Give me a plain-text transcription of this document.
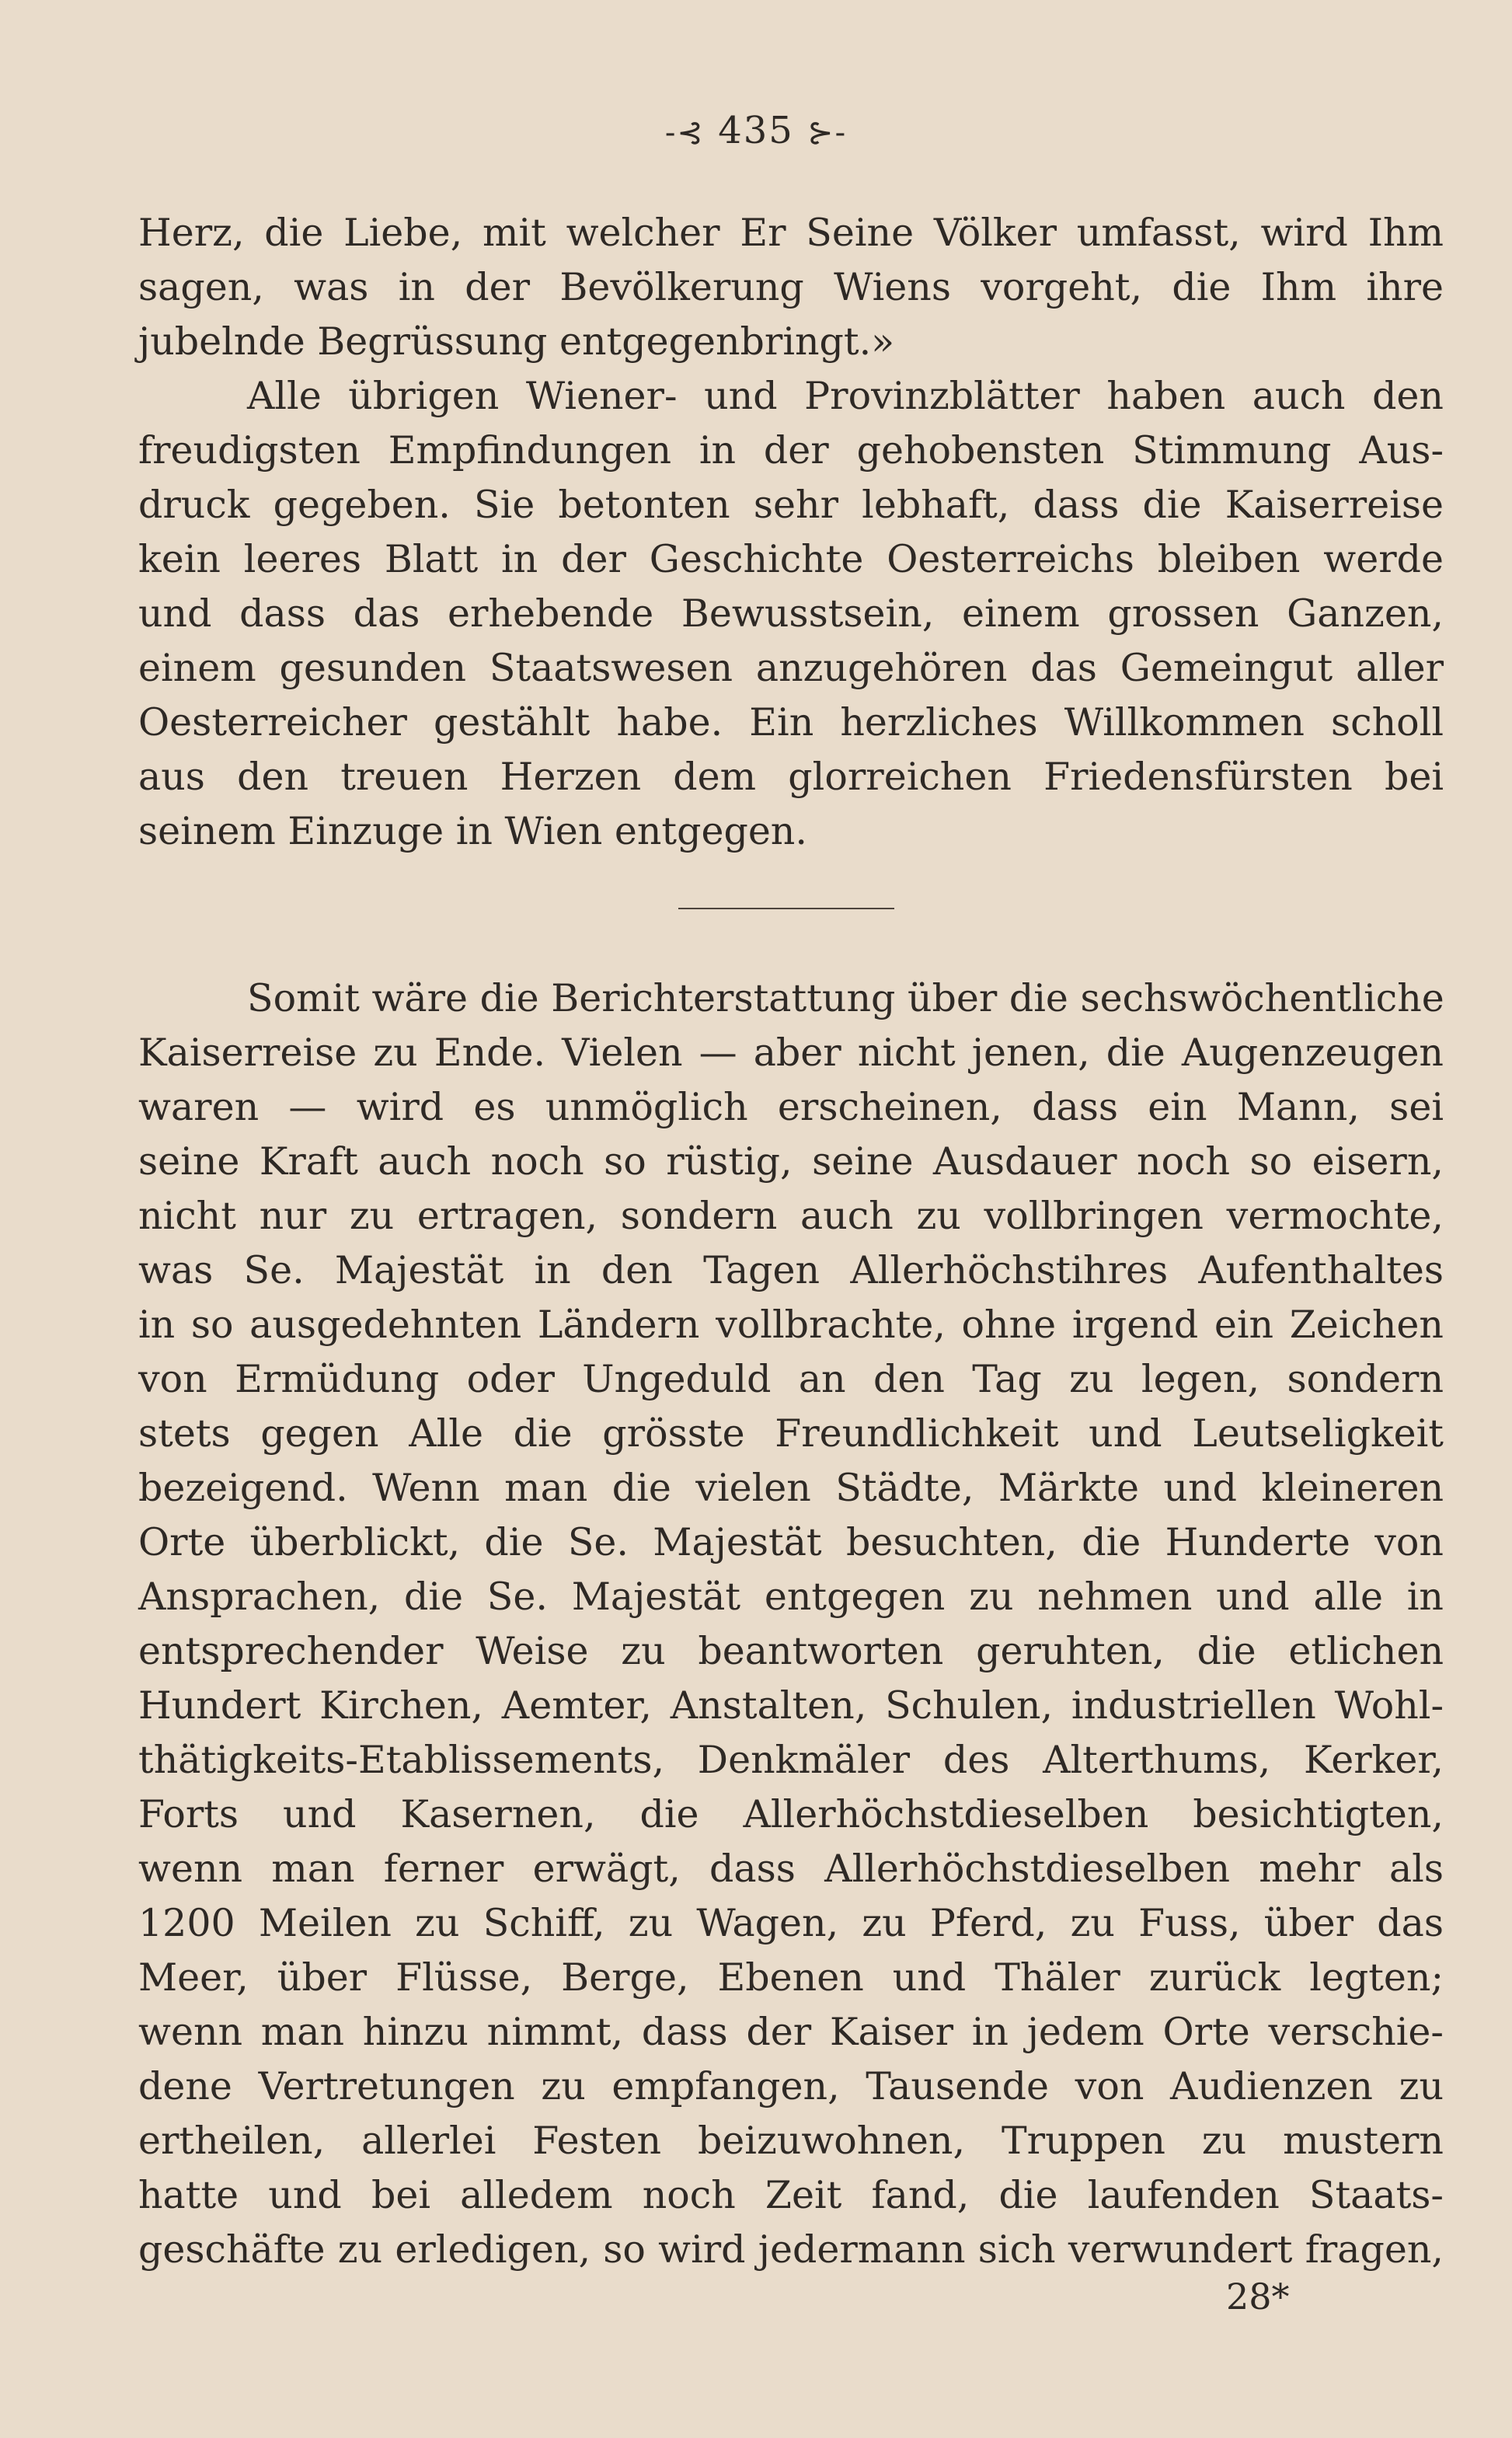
-⊰ 435 ⊱-
Herz, die Liebe, mit welcher Er Seine Völker umfasst, wird Ihm
sagen, was in der Bevölkerung Wiens vorgeht, die Ihm ihre
jubelnde Begrüssung entgegenbringt.»
Alle übrigen Wiener- und Provinzblätter haben auch den
freudigsten Empfindungen in der gehobensten Stimmung Aus-
druck gegeben. Sie betonten sehr lebhaft, dass die Kaiserreise
kein leeres Blatt in der Geschichte Oesterreichs bleiben werde
und dass das erhebende Bewusstsein, einem grossen Ganzen,
einem gesunden Staatswesen anzugehören das Gemeingut aller
Oesterreicher gestählt habe. Ein herzliches Willkommen scholl
aus den treuen Herzen dem glorreichen Friedensfürsten bei
seinem Einzuge in Wien entgegen.
Somit wäre die Berichterstattung über die sechswöchentliche
Kaiserreise zu Ende. Vielen — aber nicht jenen, die Augenzeugen
waren — wird es unmöglich erscheinen, dass ein Mann, sei
seine Kraft auch noch so rüstig, seine Ausdauer noch so eisern,
nicht nur zu ertragen, sondern auch zu vollbringen vermochte,
was Se. Majestät in den Tagen Allerhöchstihres Aufenthaltes
in so ausgedehnten Ländern vollbrachte, ohne irgend ein Zeichen
von Ermüdung oder Ungeduld an den Tag zu legen, sondern
stets gegen Alle die grösste Freundlichkeit und Leutseligkeit
bezeigend. Wenn man die vielen Städte, Märkte und kleineren
Orte überblickt, die Se. Majestät besuchten, die Hunderte von
Ansprachen, die Se. Majestät entgegen zu nehmen und alle in
entsprechender Weise zu beantworten geruhten, die etlichen
Hundert Kirchen, Aemter, Anstalten, Schulen, industriellen Wohl-
thätigkeits-Etablissements, Denkmäler des Alterthums, Kerker,
Forts und Kasernen, die Allerhöchstdieselben besichtigten,
wenn man ferner erwägt, dass Allerhöchstdieselben mehr als
1200 Meilen zu Schiff, zu Wagen, zu Pferd, zu Fuss, über das
Meer, über Flüsse, Berge, Ebenen und Thäler zurück legten;
wenn man hinzu nimmt, dass der Kaiser in jedem Orte verschie-
dene Vertretungen zu empfangen, Tausende von Audienzen zu
ertheilen, allerlei Festen beizuwohnen, Truppen zu mustern
hatte und bei alledem noch Zeit fand, die laufenden Staats-
geschäfte zu erledigen, so wird jedermann sich verwundert fragen,
28*
